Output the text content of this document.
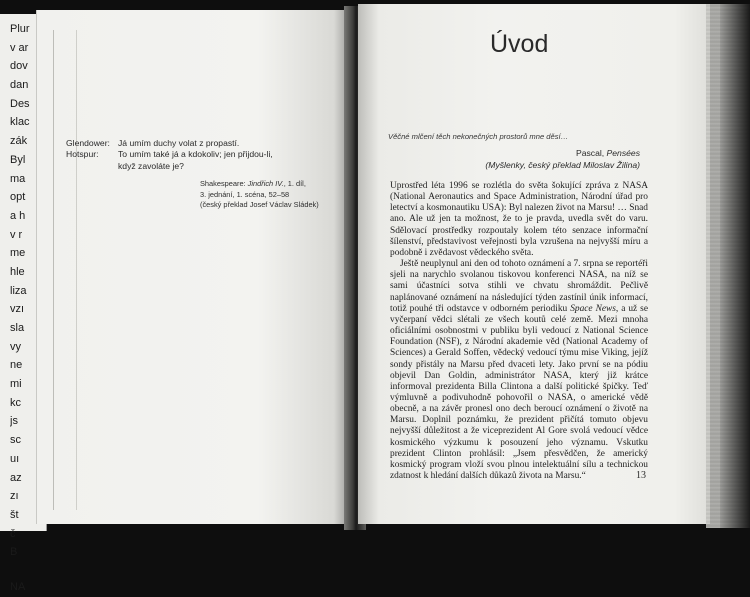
Plur
v ar
dov
dan
Des
klac
zák
Byl
ma
opt
a h
v r
me
hle
liza
vzı
sla
vy
ne
mi
kc
js
sc
uı
az
zı
št
č
B
NA
Glendower: Já umím duchy volat z propastí.
Hotspur:	To umím také já a kdokoliv; jen přijdou-li,
když zavoláte je?
Shakespeare: Jindřich IV., 1. díl,
3. jednání, 1. scéna, 52–58
(český překlad Josef Václav Sládek)
Úvod
Věčné mlčení těch nekonečných prostorů mne děsí…
Pascal, Pensées
(Myšlenky, český překlad Miloslav Žilina)

Uprostřed léta 1996 se rozlétla do světa šokující zpráva z NASA (National Aeronautics and Space Administration, Národní úřad pro letectví a kosmonautiku USA): Byl nalezen život na Marsu! … Snad ano. Ale už jen ta možnost, že to je pravda, uvedla svět do varu. Sdělovací prostředky rozpoutaly kolem této senzace informační šílenství, představivost veřejnosti byla vzrušena na nejvyšší míru a podobně i zvědavost vědeckého světa.

Ještě neuplynul ani den od tohoto oznámení a 7. srpna se reportéři sjeli na narychlo svolanou tiskovou konferenci NASA, na níž se sami účastníci sotva stihli ve chvatu shromáždit. Pečlivě naplánované oznámení na následující týden zastínil únik informací, totiž pouhé tři odstavce v odborném periodiku Space News, a už se vyčerpaní vědci slétali ze všech koutů celé země. Mezi mnoha oficiálními osobnostmi v publiku byli vedoucí z National Science Foundation (NSF), z Národní akademie věd (National Academy of Sciences) a Gerald Soffen, vědecký vedoucí týmu mise Viking, jejíž sondy přistály na Marsu před dvaceti lety. Jako první se na pódiu objevil Dan Goldin, administrátor NASA, který již krátce informoval prezidenta Billa Clintona a další politické špičky. Teď výmluvně a podivuhodně pohovořil o NASA, o americké vědě obecně, a na závěr pronesl ono dech beroucí oznámení o životě na Marsu. Doplnil poznámku, že prezident přičítá tomuto objevu nejvyšší důležitost a že viceprezident Al Gore svolá vedoucí vědce kosmického výzkumu k posouzení jeho významu. Vskutku prezident Clinton prohlásil: „Jsem přesvědčen, že americký kosmický program vloží svou plnou intelektuální sílu a technickou zdatnost k hledání dalších důkazů života na Marsu.“	13
